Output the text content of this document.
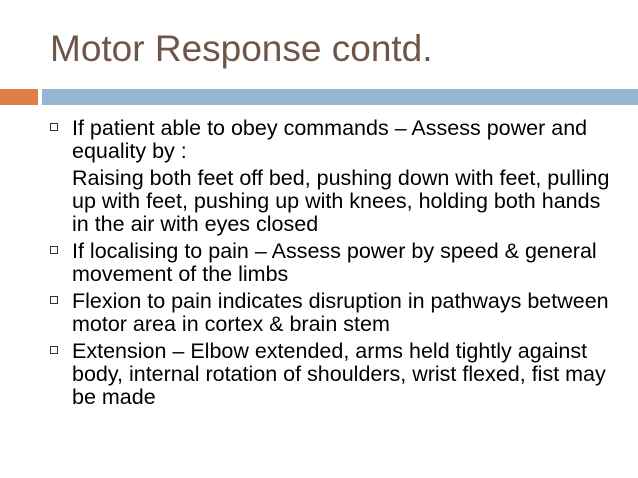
Motor Response contd.
If patient able to obey commands – Assess power and equality by :
Raising both feet off bed, pushing down with feet, pulling up with feet, pushing up with knees, holding both hands in the air with eyes closed
If localising to pain – Assess power by speed & general movement of the limbs
Flexion to pain indicates disruption in pathways between motor area in cortex & brain stem
Extension – Elbow extended, arms held tightly against body, internal rotation of shoulders, wrist flexed, fist may be made
